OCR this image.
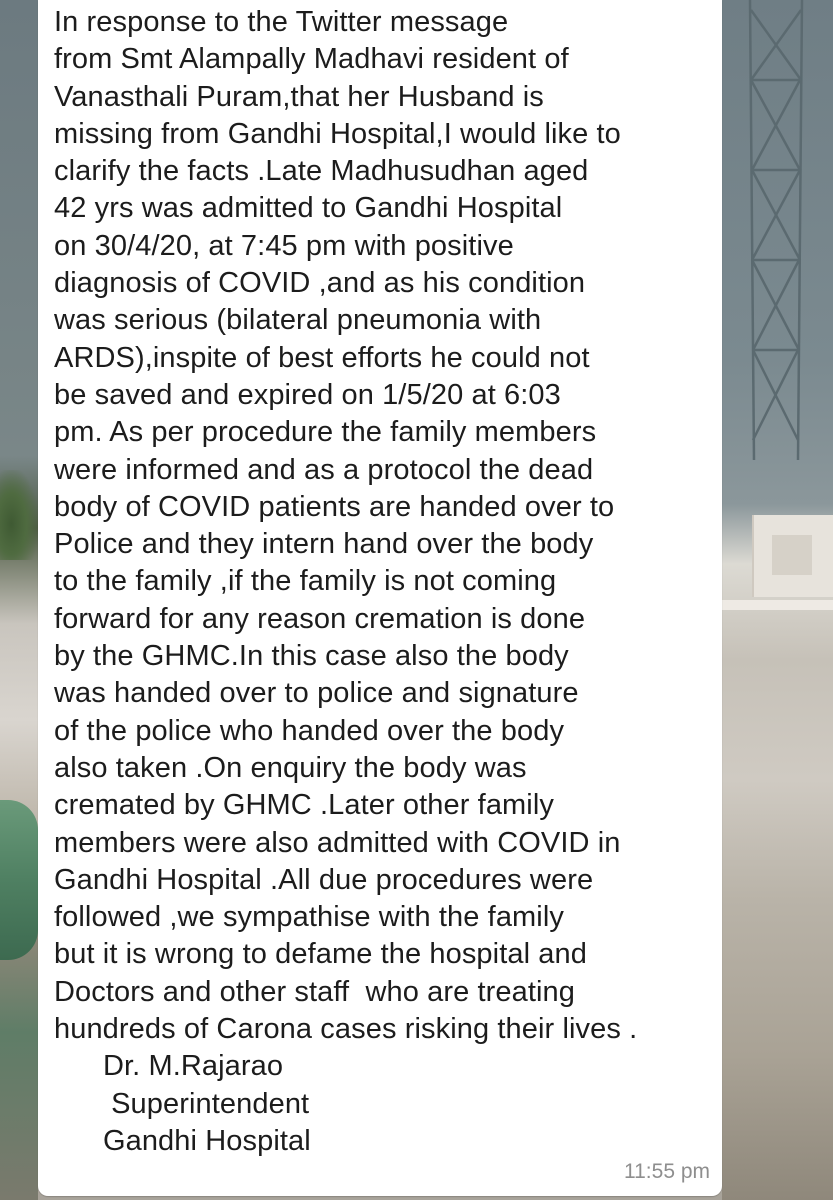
In response to the Twitter message
from Smt Alampally Madhavi resident of
Vanasthali Puram,that her Husband is
missing from Gandhi Hospital,I would like to
clarify the facts .Late Madhusudhan aged
42 yrs was admitted to Gandhi Hospital
on 30/4/20, at 7:45 pm with positive
diagnosis of COVID ,and as his condition
was serious (bilateral pneumonia with
ARDS),inspite of best efforts he could not
be saved and expired on 1/5/20 at 6:03
pm. As per procedure the family members
were informed and as a protocol the dead
body of COVID patients are handed over to
Police and they intern hand over the body
to the family ,if the family is not coming
forward for any reason cremation is done
by the GHMC.In this case also the body
was handed over to police and signature
of the police who handed over the body
also taken .On enquiry the body was
cremated by GHMC .Later other family
members were also admitted with COVID in
Gandhi Hospital .All due procedures were
followed ,we sympathise with the family
but it is wrong to defame the hospital and
Doctors and other staff  who are treating
hundreds of Carona cases risking their lives .
Dr. M.Rajarao
Superintendent
Gandhi Hospital

11:55 pm
